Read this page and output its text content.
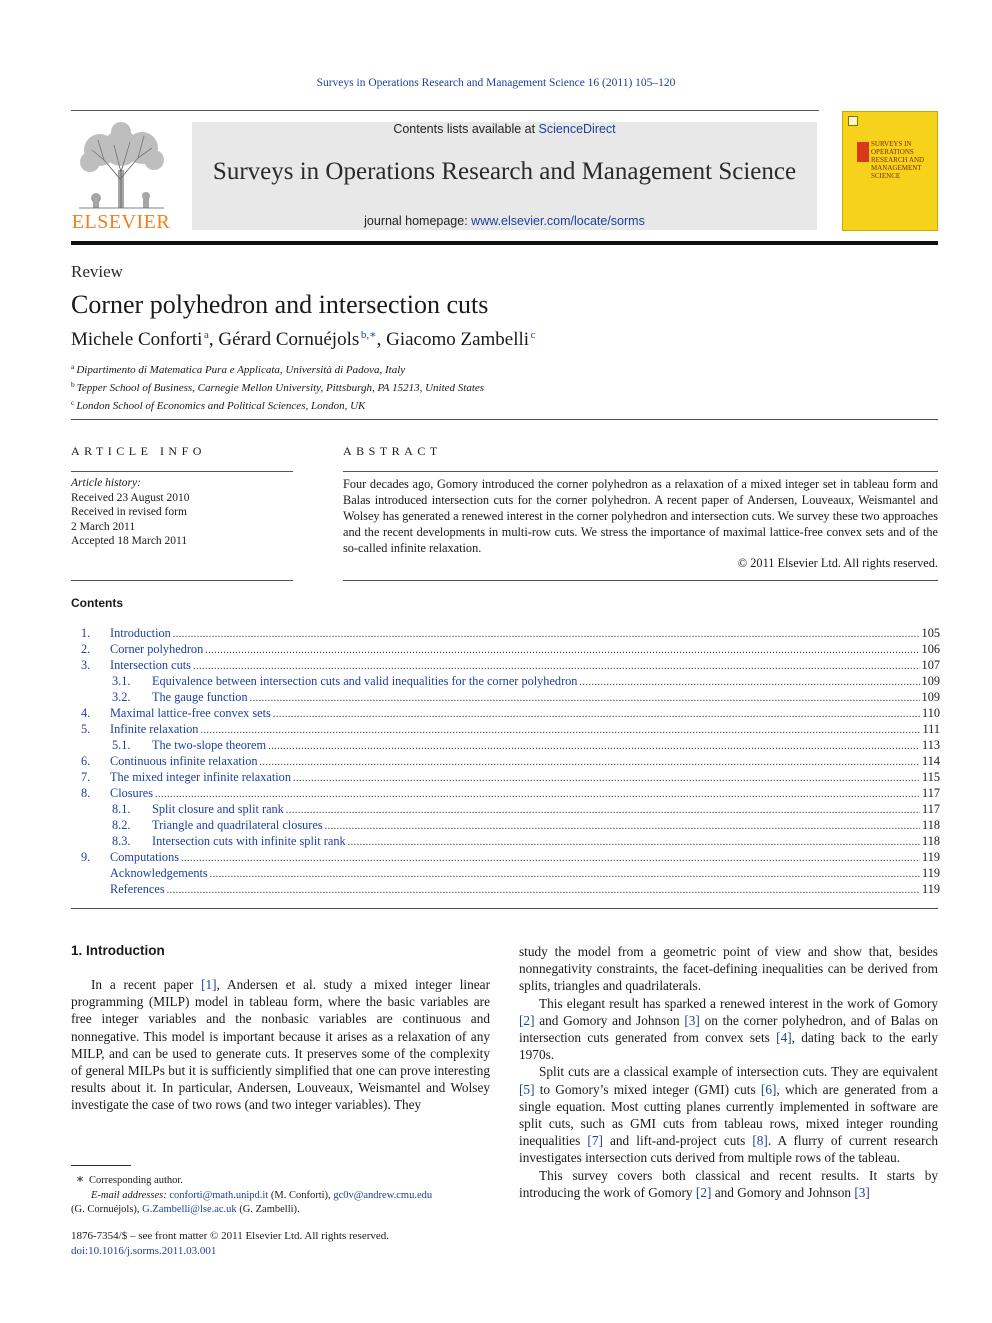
Surveys in Operations Research and Management Science 16 (2011) 105–120
ELSEVIER
Contents lists available at ScienceDirect
Surveys in Operations Research and Management Science
journal homepage: www.elsevier.com/locate/sorms
SURVEYS IN OPERATIONS RESEARCH AND MANAGEMENT SCIENCE
Review
Corner polyhedron and intersection cuts
Michele Conforti  $^a$, Gérard Cornuéjols  $^{b,∗}$, Giacomo Zambelli  $^c$
$^a$ Dipartimento di Matematica Pura e Applicata, Università di Padova, Italy
$^b$ Tepper School of Business, Carnegie Mellon University, Pittsburgh, PA 15213, United States
$^c$ London School of Economics and Political Sciences, London, UK
ARTICLE INFO	ABSTRACT
Article history:
Received 23 August 2010
Received in revised form
2 March 2011
Accepted 18 March 2011
Four decades ago, Gomory introduced the corner polyhedron as a relaxation of a mixed integer set in tableau form and Balas introduced intersection cuts for the corner polyhedron. A recent paper of Andersen, Louveaux, Weismantel and Wolsey has generated a renewed interest in the corner polyhedron and intersection cuts. We survey these two approaches and the recent developments in multi-row cuts. We stress the importance of maximal lattice-free convex sets and of the so-called infinite relaxation.
© 2011 Elsevier Ltd. All rights reserved.
Contents
1. Introduction .....	105
2. Corner polyhedron .....	106
3. Intersection cuts .....	107
3.1. Equivalence between intersection cuts and valid inequalities for the corner polyhedron .....	109
3.2. The gauge function .....	109
4. Maximal lattice-free convex sets .....	110
5. Infinite relaxation .....	111
5.1. The two-slope theorem .....	113
6. Continuous infinite relaxation .....	114
7. The mixed integer infinite relaxation .....	115
8. Closures .....	117
8.1. Split closure and split rank .....	117
8.2. Triangle and quadrilateral closures .....	118
8.3. Intersection cuts with infinite split rank .....	118
9. Computations .....	119
Acknowledgements .....	119
References .....	119
1. Introduction

In a recent paper [1], Andersen et al. study a mixed integer linear programming (MILP) model in tableau form, where the basic variables are free integer variables and the nonbasic variables are continuous and nonnegative. This model is important because it arises as a relaxation of any MILP, and can be used to generate cuts. It preserves some of the complexity of general MILPs but it is sufficiently simplified that one can prove interesting results about it. In particular, Andersen, Louveaux, Weismantel and Wolsey investigate the case of two rows (and two integer variables). They

study the model from a geometric point of view and show that, besides nonnegativity constraints, the facet-defining inequalities can be derived from splits, triangles and quadrilaterals.

This elegant result has sparked a renewed interest in the work of Gomory [2] and Gomory and Johnson [3] on the corner polyhedron, and of Balas on intersection cuts generated from convex sets [4], dating back to the early 1970s.

Split cuts are a classical example of intersection cuts. They are equivalent [5] to Gomory’s mixed integer (GMI) cuts [6], which are generated from a single equation. Most cutting planes currently implemented in software are split cuts, such as GMI cuts from tableau rows, mixed integer rounding inequalities [7] and lift-and-project cuts [8]. A flurry of current research investigates intersection cuts derived from multiple rows of the tableau.

This survey covers both classical and recent results. It starts by introducing the work of Gomory [2] and Gomory and Johnson [3]

∗ Corresponding author.
E-mail addresses: conforti@math.unipd.it (M. Conforti), gc0v@andrew.cmu.edu
(G. Cornuéjols), G.Zambelli@lse.ac.uk (G. Zambelli).
1876-7354/$ – see front matter © 2011 Elsevier Ltd. All rights reserved.
doi:10.1016/j.sorms.2011.03.001
